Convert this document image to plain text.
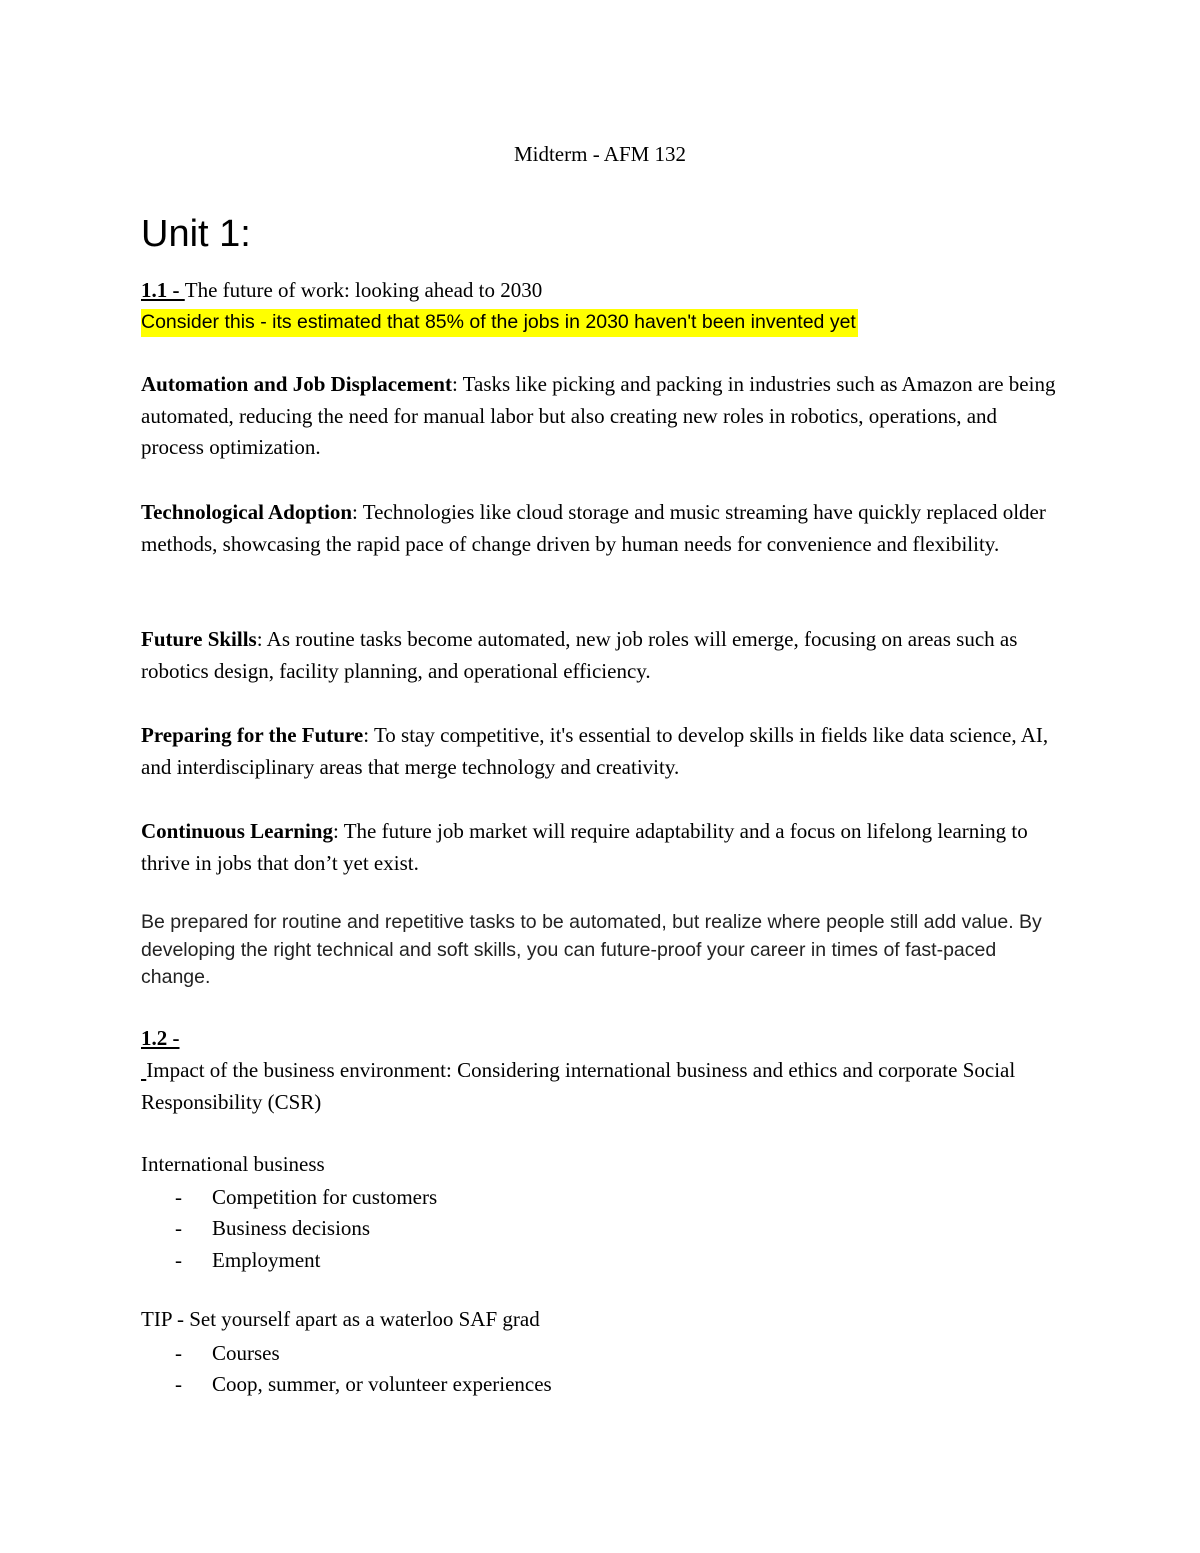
Midterm - AFM 132
Unit 1:
1.1 - The future of work: looking ahead to 2030
Consider this - its estimated that 85% of the jobs in 2030 haven't been invented yet
Automation and Job Displacement: Tasks like picking and packing in industries such as Amazon are being automated, reducing the need for manual labor but also creating new roles in robotics, operations, and process optimization.
Technological Adoption: Technologies like cloud storage and music streaming have quickly replaced older methods, showcasing the rapid pace of change driven by human needs for convenience and flexibility.
Future Skills: As routine tasks become automated, new job roles will emerge, focusing on areas such as robotics design, facility planning, and operational efficiency.
Preparing for the Future: To stay competitive, it's essential to develop skills in fields like data science, AI, and interdisciplinary areas that merge technology and creativity.
Continuous Learning: The future job market will require adaptability and a focus on lifelong learning to thrive in jobs that don’t yet exist.
Be prepared for routine and repetitive tasks to be automated, but realize where people still add value. By developing the right technical and soft skills, you can future-proof your career in times of fast-paced change.
1.2 -
Impact of the business environment: Considering international business and ethics and corporate Social Responsibility (CSR)
International business
- Competition for customers
- Business decisions
- Employment
TIP - Set yourself apart as a waterloo SAF grad
- Courses
- Coop, summer, or volunteer experiences
